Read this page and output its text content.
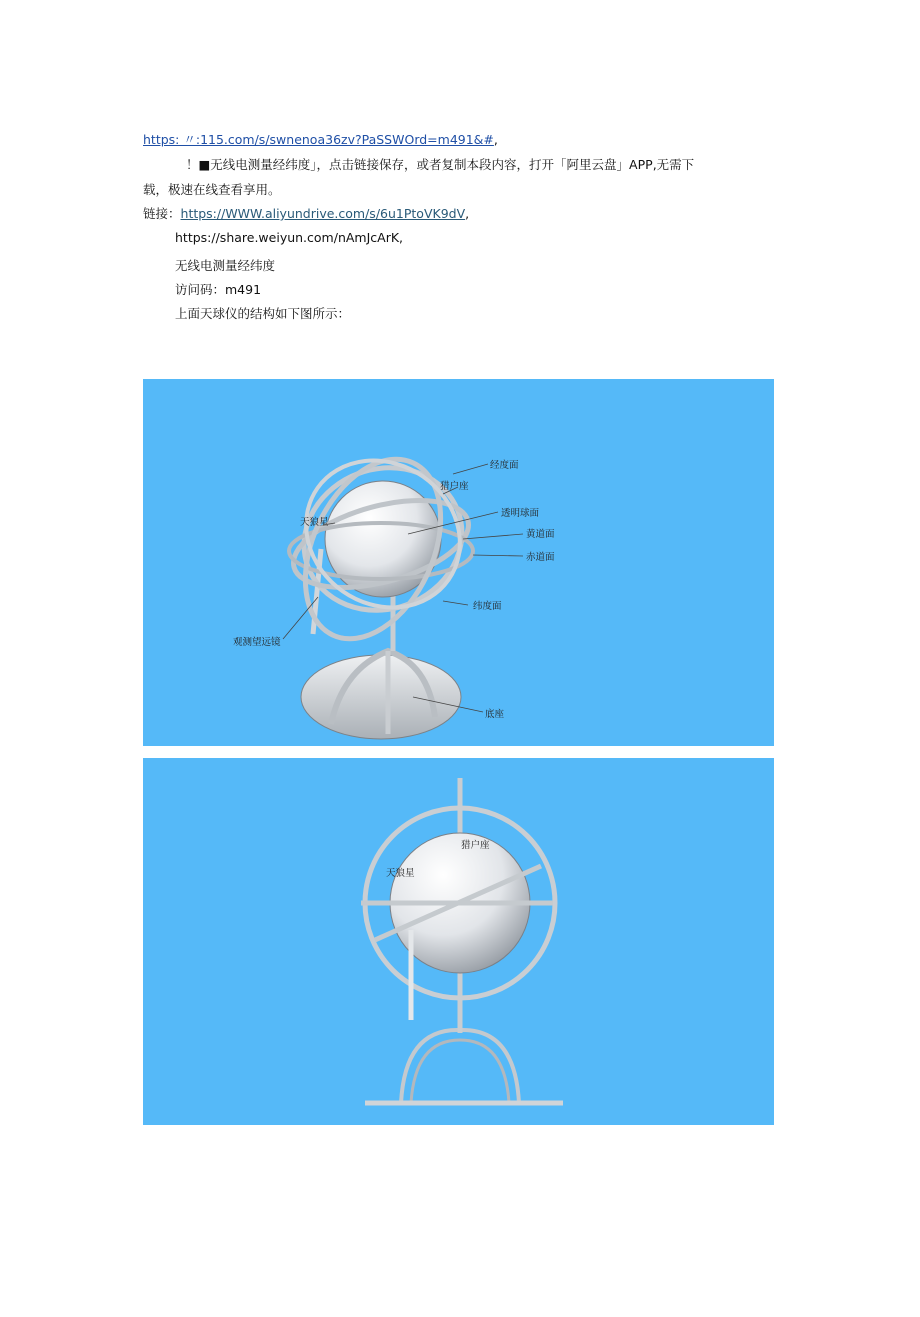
https: 〃:115.com/s/swnenoa36zv?PaSSWOrd=m491&#,
！■无线电测量经纬度」，点击链接保存，或者复制本段内容，打开「阿里云盘」APP,无需下
载，极速在线查看享用。
链接：https://WWW.aliyundrive.com/s/6u1PtoVK9dV,
https://share.weiyun.com/nAmJcArK,
无线电测量经纬度
访问码：m491
上面天球仪的结构如下图所示：
经度面
猎户座
天狼星
透明球面
黄道面
赤道面
纬度面
观测望远镜
底座
猎户座
天狼星
